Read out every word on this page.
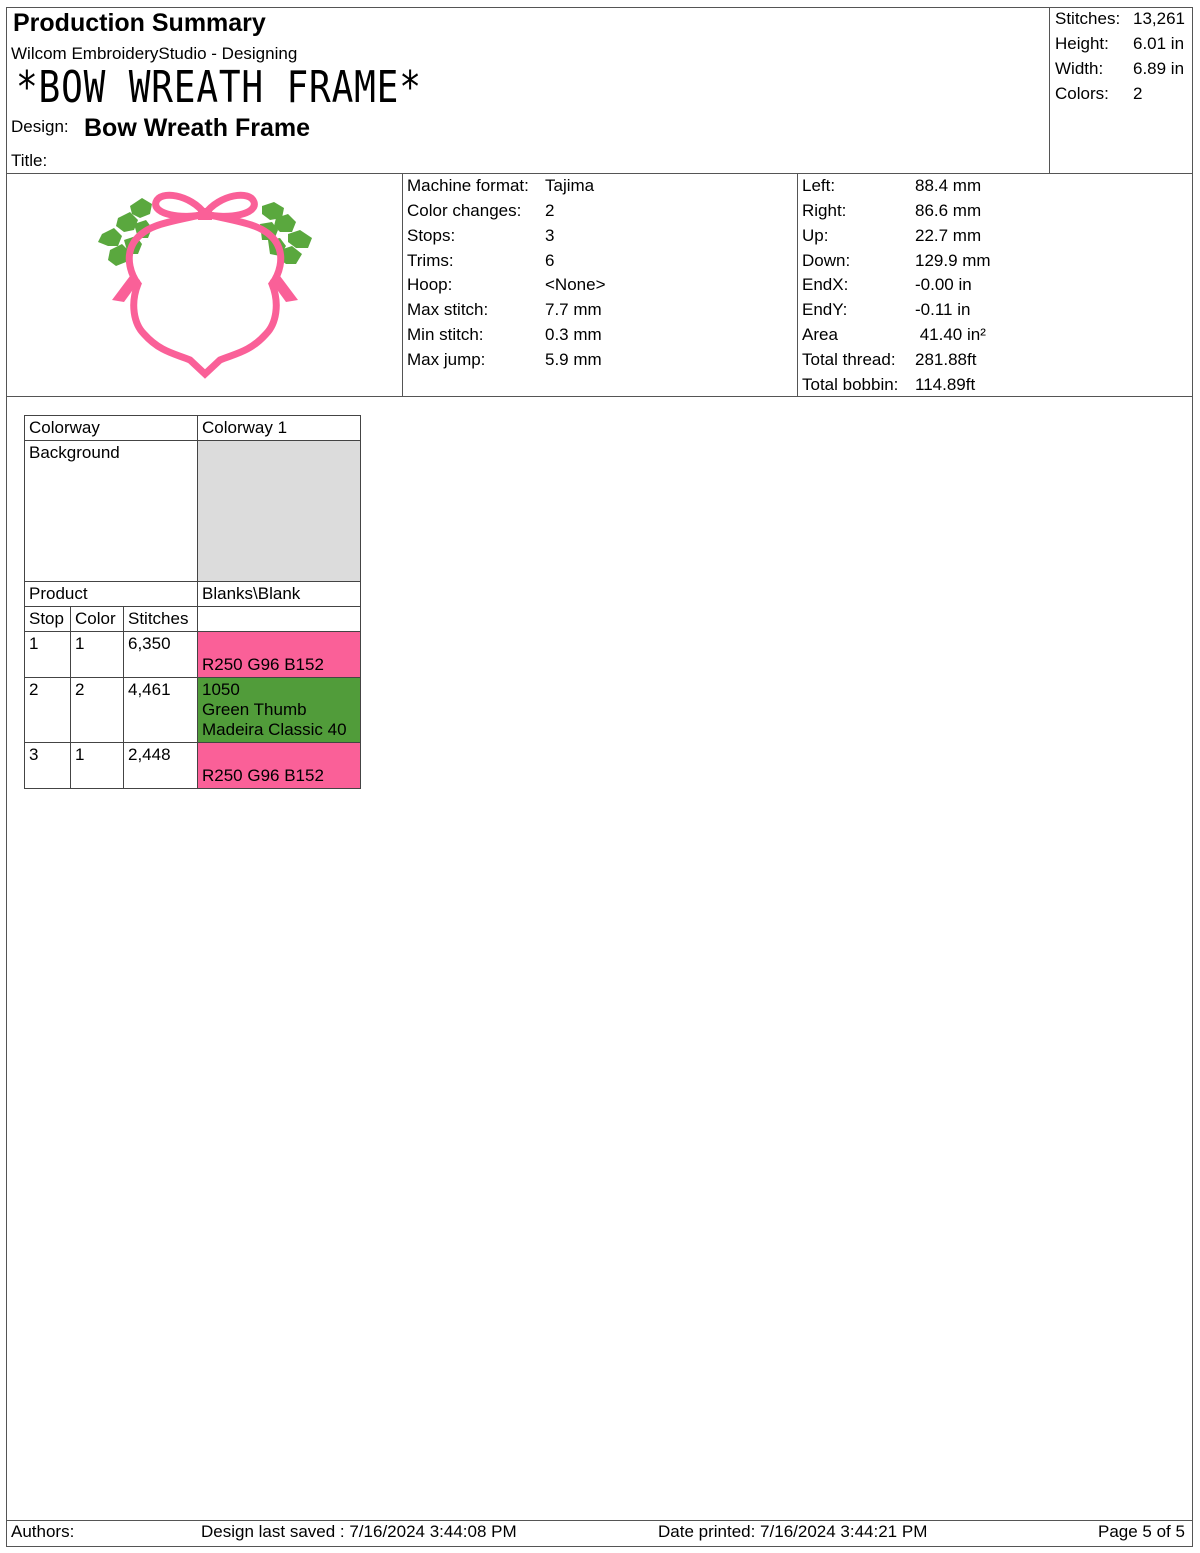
Production Summary
Wilcom EmbroideryStudio - Designing
*BOW WREATH FRAME*
Design: Bow Wreath Frame
Title:
Stitches: 13,261
Height: 6.01 in
Width: 6.89 in
Colors: 2
Machine format: Tajima
Color changes: 2
Stops:	3
Trims:	6
Hoop:	<None>
Max stitch:	7.7 mm
Min stitch:	0.3 mm
Max jump:	5.9 mm
Left:	88.4 mm
Right:	86.6 mm
Up:	22.7 mm
Down:	129.9 mm
EndX:	-0.00 in
EndY:	-0.11 in
Area	41.40 in²
Total thread: 281.88ft
Total bobbin: 114.89ft
Colorway			Colorway 1
Background			
Product			Blanks\Blank
Stop	Color	Stitches	
1	1	6,350	R250 G96 B152

2	2	4,461	1050
Green Thumb
Madeira Classic 40

3	1	2,448	R250 G96 B152
Authors:	Design last saved : 7/16/2024 3:44:08 PM	Date printed: 7/16/2024 3:44:21 PM	Page 5 of 5
